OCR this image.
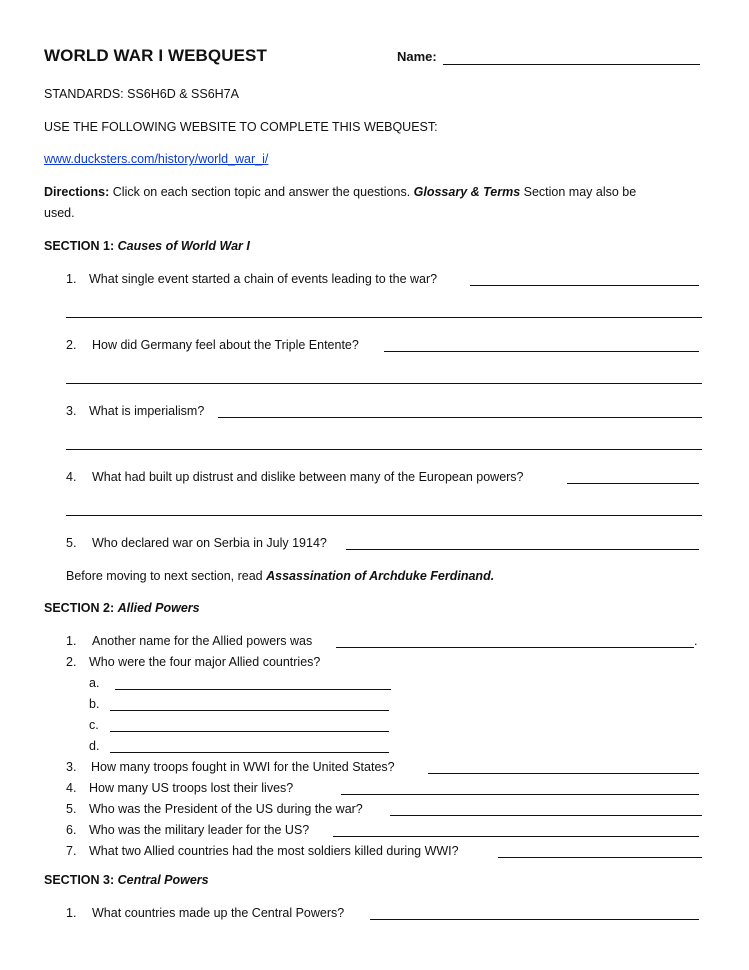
WORLD WAR I WEBQUEST	Name:
STANDARDS: SS6H6D & SS6H7A
USE THE FOLLOWING WEBSITE TO COMPLETE THIS WEBQUEST:
www.ducksters.com/history/world_war_i/
Directions: Click on each section topic and answer the questions. Glossary & Terms Section may also be
used.
SECTION 1: Causes of World War I
1. What single event started a chain of events leading to the war?
2. How did Germany feel about the Triple Entente?
3. What is imperialism?
4. What had built up distrust and dislike between many of the European powers?
5. Who declared war on Serbia in July 1914?
Before moving to next section, read Assassination of Archduke Ferdinand.
SECTION 2: Allied Powers
1. Another name for the Allied powers was	.
2. Who were the four major Allied countries?
a.
b.
c.
d.
3. How many troops fought in WWI for the United States?
4. How many US troops lost their lives?
5. Who was the President of the US during the war?
6. Who was the military leader for the US?
7. What two Allied countries had the most soldiers killed during WWI?
SECTION 3: Central Powers
1. What countries made up the Central Powers?
